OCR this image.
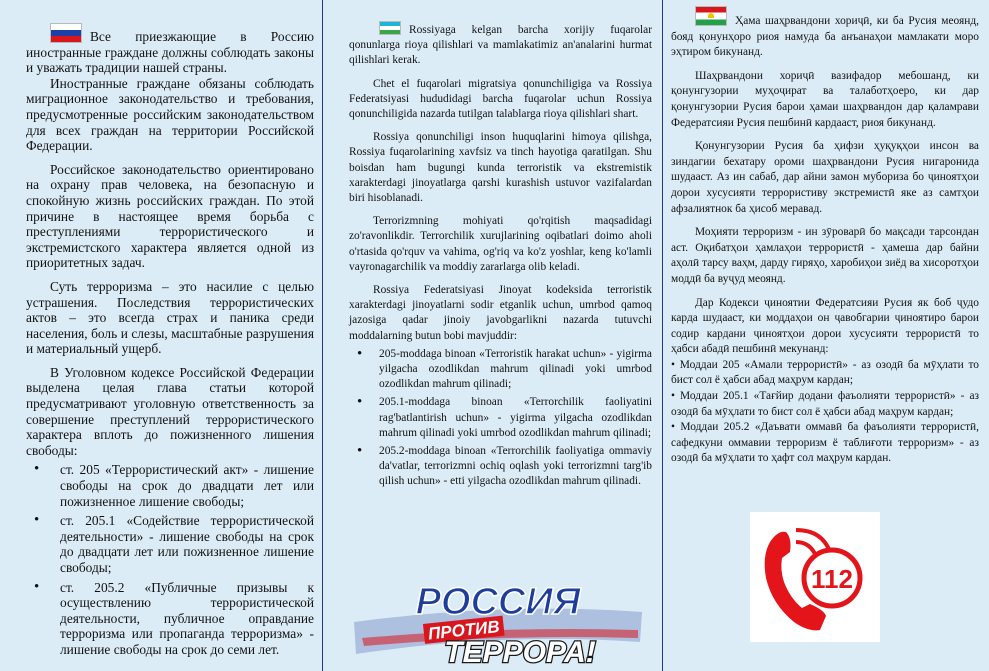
Все приезжающие в Россию иностранные граждане должны соблюдать законы и уважать традиции нашей страны.

Иностранные граждане обязаны соблюдать миграционное законодательство и требования, предусмотренные российским законодательством для всех граждан на территории Российской Федерации.

Российское законодательство ориентировано на охрану прав человека, на безопасную и спокойную жизнь российских граждан. По этой причине в настоящее время борьба с преступлениями террористического и экстремистского характера является одной из приоритетных задач.

Суть терроризма – это насилие с целью устрашения. Последствия террористических актов – это всегда страх и паника среди населения, боль и слезы, масштабные разрушения и материальный ущерб.

В Уголовном кодексе Российской Федерации выделена целая глава статьи которой предусматривают уголовную ответственность за совершение преступлений террористического характера вплоть до пожизненного лишения свободы:

• ст. 205 «Террористический акт» - лишение свободы на срок до двадцати лет или пожизненное лишение свободы;
• ст. 205.1 «Содействие террористической деятельности» - лишение свободы на срок до двадцати лет или пожизненное лишение свободы;
• ст. 205.2 «Публичные призывы к осуществлению террористической деятельности, публичное оправдание терроризма или пропаганда терроризма» - лишение свободы на срок до семи лет.

Rossiyaga kelgan barcha xorijiy fuqarolar qonunlarga rioya qilishlari va mamlakatimiz an'analarini hurmat qilishlari kerak.

Chet el fuqarolari migratsiya qonunchiligiga va Rossiya Federatsiyasi hududidagi barcha fuqarolar uchun Rossiya qonunchiligida nazarda tutilgan talablarga rioya qilishlari shart.

Rossiya qonunchiligi inson huquqlarini himoya qilishga, Rossiya fuqarolarining xavfsiz va tinch hayotiga qaratilgan. Shu boisdan ham bugungi kunda terroristik va ekstremistik xarakterdagi jinoyatlarga qarshi kurashish ustuvor vazifalardan biri hisoblanadi.

Terrorizmning mohiyati qo'rqitish maqsadidagi zo'ravonlikdir. Terrorchilik xurujlarining oqibatlari doimo aholi o'rtasida qo'rquv va vahima, og'riq va ko'z yoshlar, keng ko'lamli vayronagarchilik va moddiy zararlarga olib keladi.

Rossiya Federatsiyasi Jinoyat kodeksida terroristik xarakterdagi jinoyatlarni sodir etganlik uchun, umrbod qamoq jazosiga qadar jinoiy javobgarlikni nazarda tutuvchi moddalarning butun bobi mavjuddir:

• 205-moddaga binoan «Terroristik harakat uchun» - yigirma yilgacha ozodlikdan mahrum qilinadi yoki umrbod ozodlikdan mahrum qilinadi;
• 205.1-moddaga binoan «Terrorchilik faoliyatini rag'batlantirish uchun» - yigirma yilgacha ozodlikdan mahrum qilinadi yoki umrbod ozodlikdan mahrum qilinadi;
• 205.2-moddaga binoan «Terrorchilik faoliyatiga ommaviy da'vatlar, terrorizmni ochiq oqlash yoki terrorizmni targ'ib qilish uchun» - etti yilgacha ozodlikdan mahrum qilinadi.

Ҳама шаҳрвандони хориҷӣ, ки ба Русия меоянд, бояд қонунҳоро риоя намуда ба анъанаҳои мамлакати моро эҳтиром бикунанд.

Шаҳрвандони хориҷӣ вазифадор мебошанд, ки қонунгузории муҳоҷират ва талаботҳоеро, ки дар қонунгузории Русия барои ҳамаи шаҳрвандон дар қаламрави Федератсияи Русия пешбинӣ кардааст, риоя бикунанд.

Қонунгузории Русия ба ҳифзи ҳуқуқҳои инсон ва зиндагии бехатару ороми шаҳрвандони Русия нигаронида шудааст. Аз ин сабаб, дар айни замон мубориза бо ҷиноятҳои дорои хусусияти террористиву экстремистӣ яке аз самтҳои афзалиятнок ба ҳисоб меравад.

Моҳияти терроризм - ин зӯроварӣ бо мақсади тарсондан аст. Оқибатҳои ҳамлаҳои террористӣ - ҳамеша дар байни аҳолӣ тарсу ваҳм, дарду гиряҳо, харобиҳои зиёд ва хисоротҳои моддӣ ба вуҷуд меоянд.

Дар Кодекси ҷиноятии Федератсияи Русия як боб ҷудо карда шудааст, ки моддаҳои он ҷавобгарии ҷиноятиро барои содир кардани ҷиноятҳои дорои хусусияти террористӣ то ҳабси абадӣ пешбинӣ мекунанд:

• Моддаи 205 «Амали террористӣ» - аз озодӣ ба мӯҳлати то бист сол ё ҳабси абад маҳрум кардан;

• Моддаи 205.1 «Тағйир додани фаъолияти террористӣ» - аз озодӣ ба мӯҳлати то бист сол ё ҳабси абад маҳрум кардан;

• Моддаи 205.2 «Даъвати оммавӣ ба фаъолияти террористӣ, сафедкуни оммавии терроризм ё таблиғоти терроризм» - аз озодӣ ба мӯҳлати то ҳафт сол маҳрум кардан.

РОССИЯ
ПРОТИВ
ТЕРРОРА!
112
